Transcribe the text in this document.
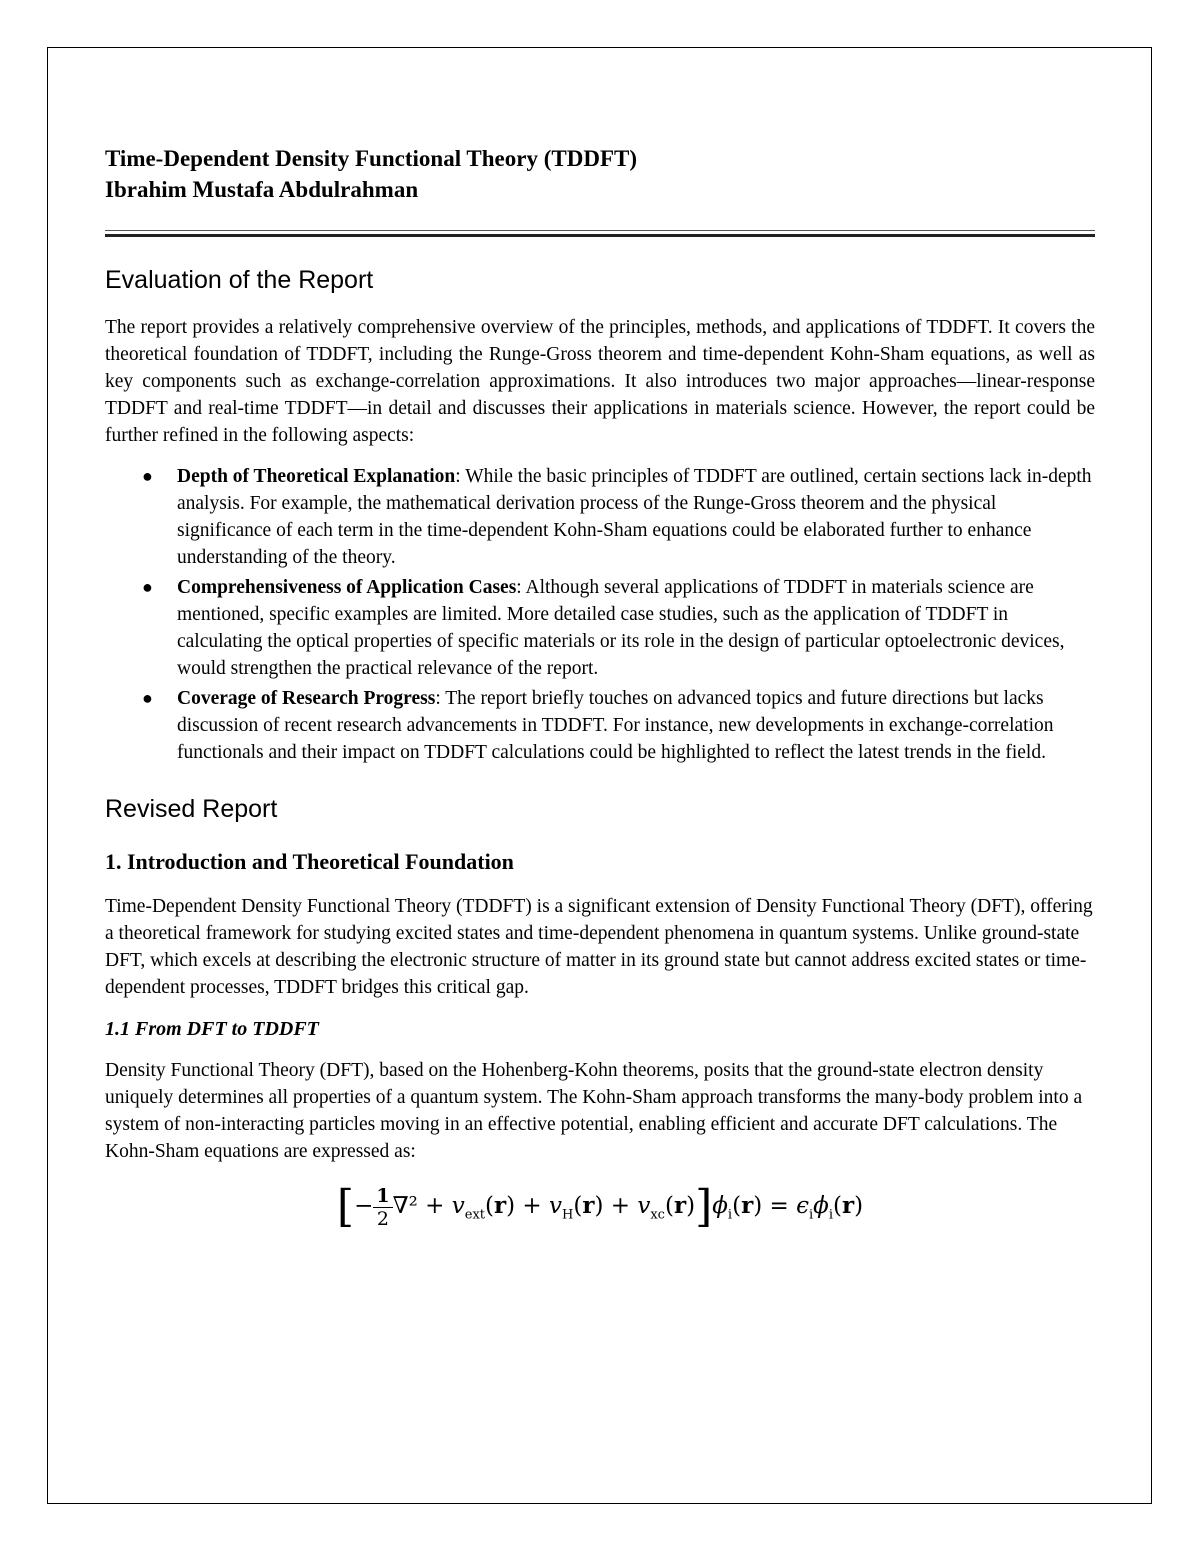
Time-Dependent Density Functional Theory (TDDFT)

Ibrahim Mustafa Abdulrahman

Evaluation of the Report

The report provides a relatively comprehensive overview of the principles, methods, and applications of TDDFT. It covers the theoretical foundation of TDDFT, including the Runge-Gross theorem and time-dependent Kohn-Sham equations, as well as key components such as exchange-correlation approximations. It also introduces two major approaches—linear-response TDDFT and real-time TDDFT—in detail and discusses their applications in materials science. However, the report could be further refined in the following aspects:

● Depth of Theoretical Explanation: While the basic principles of TDDFT are outlined, certain sections lack in-depth analysis. For example, the mathematical derivation process of the Runge-Gross theorem and the physical significance of each term in the time-dependent Kohn-Sham equations could be elaborated further to enhance understanding of the theory.
● Comprehensiveness of Application Cases: Although several applications of TDDFT in materials science are mentioned, specific examples are limited. More detailed case studies, such as the application of TDDFT in calculating the optical properties of specific materials or its role in the design of particular optoelectronic devices, would strengthen the practical relevance of the report.
● Coverage of Research Progress: The report briefly touches on advanced topics and future directions but lacks discussion of recent research advancements in TDDFT. For instance, new developments in exchange-correlation functionals and their impact on TDDFT calculations could be highlighted to reflect the latest trends in the field.
Revised Report
1. Introduction and Theoretical Foundation

Time-Dependent Density Functional Theory (TDDFT) is a significant extension of Density Functional Theory (DFT), offering a theoretical framework for studying excited states and time-dependent phenomena in quantum systems. Unlike ground-state DFT, which excels at describing the electronic structure of matter in its ground state but cannot address excited states or time-dependent processes, TDDFT bridges this critical gap.

1.1 From DFT to TDDFT

Density Functional Theory (DFT), based on the Hohenberg-Kohn theorems, posits that the ground-state electron density uniquely determines all properties of a quantum system. The Kohn-Sham approach transforms the many-body problem into a system of non-interacting particles moving in an effective potential, enabling efficient and accurate DFT calculations. The Kohn-Sham equations are expressed as:

[− $\frac{1}{2} \nabla^2 + v_{ext}(r) + v_H(r) + v_{xc}(r)]\phi_i(r) = \epsilon_i\phi_i(r)$
